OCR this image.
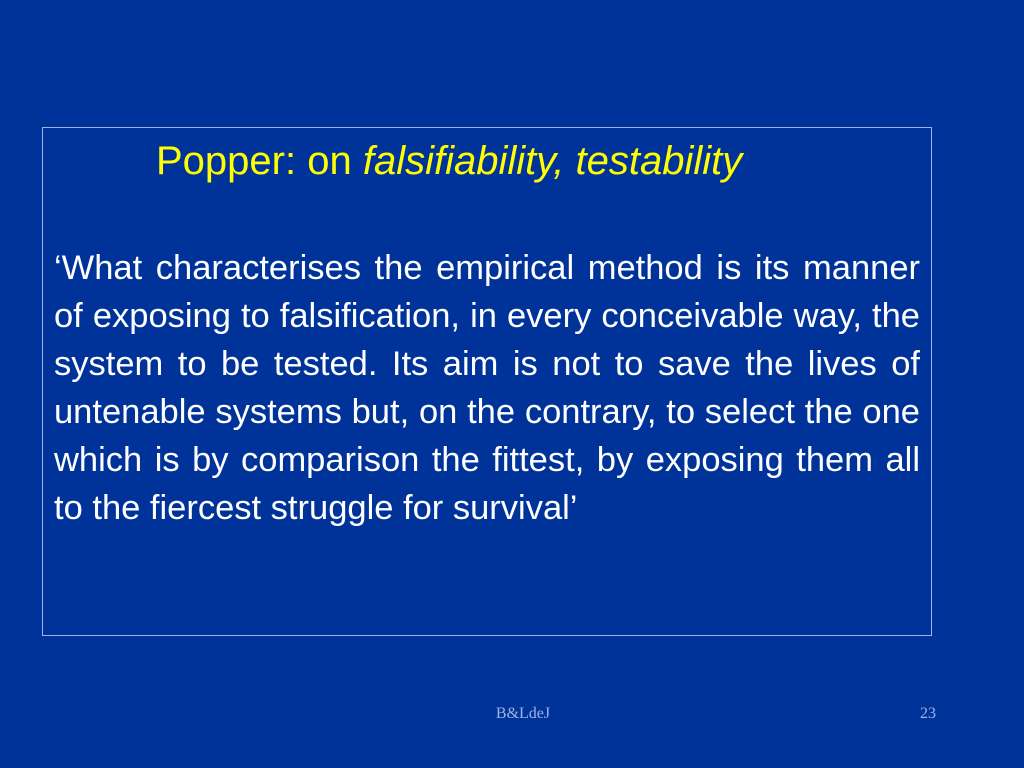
Popper: on falsifiability, testability
‘What characterises the empirical method is its manner of exposing to falsification, in every conceivable way, the system to be tested. Its aim is not to save the lives of untenable systems but, on the contrary, to select the one which is by comparison the fittest, by exposing them all to the fiercest struggle for survival’
B&LdeJ	23
